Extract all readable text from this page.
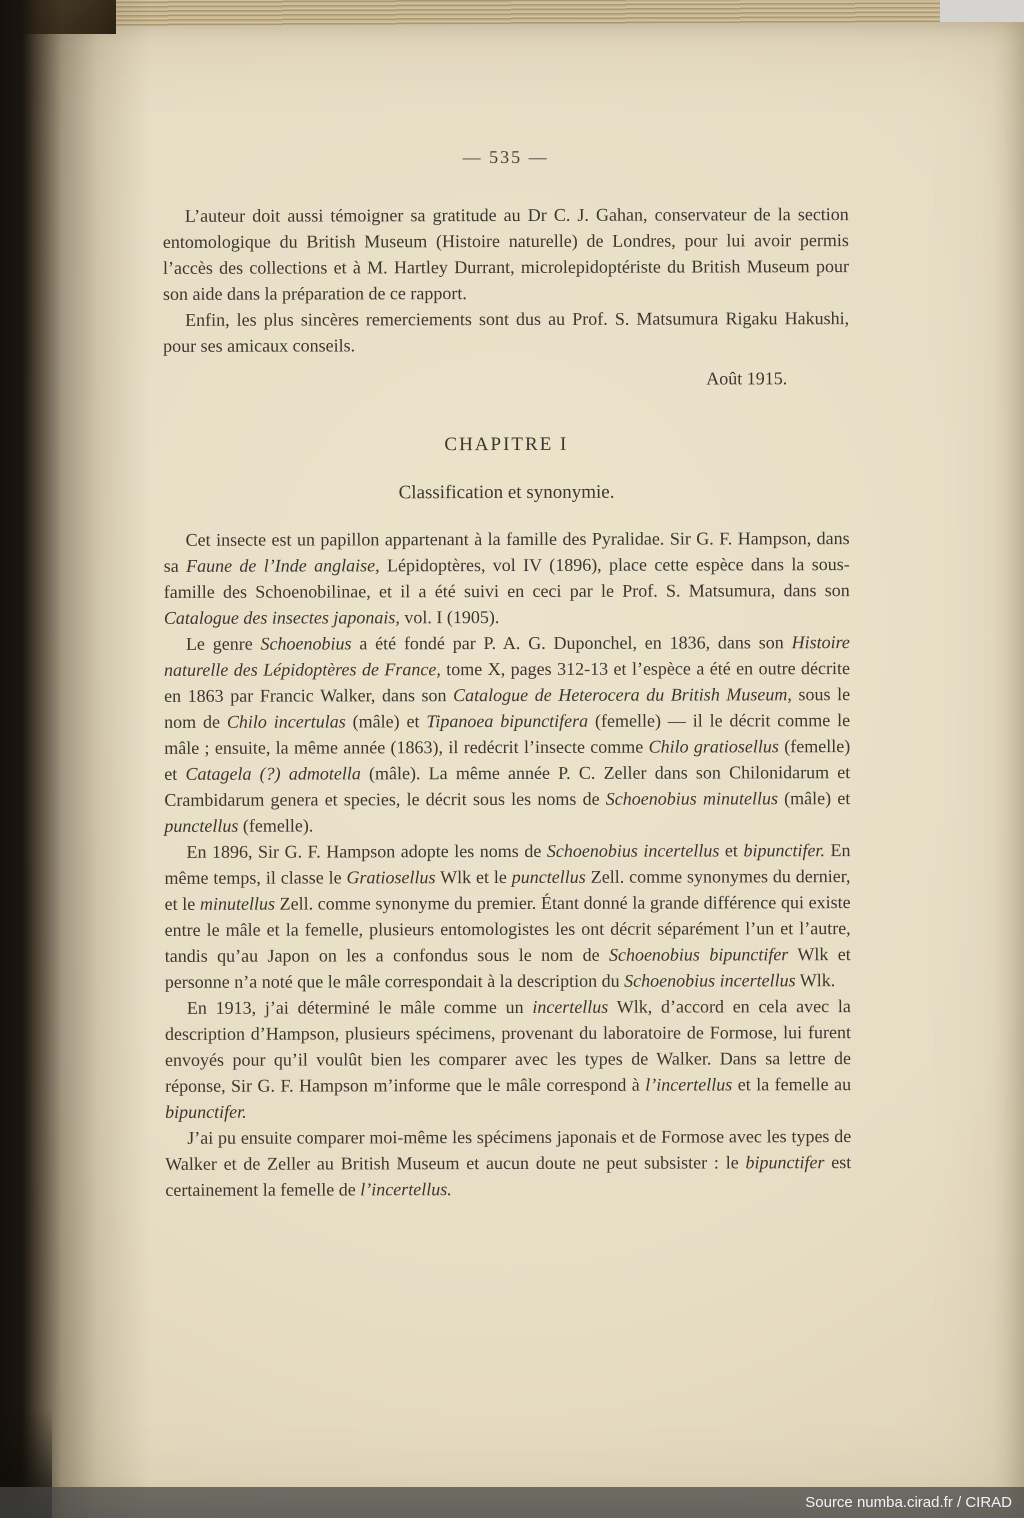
— 535 —

L’auteur doit aussi témoigner sa gratitude au Dr C. J. Gahan, conservateur de la section entomologique du British Museum (Histoire naturelle) de Londres, pour lui avoir permis l’accès des collections et à M. Hartley Durrant, microlepidoptériste du British Museum pour son aide dans la préparation de ce rapport.

Enfin, les plus sincères remerciements sont dus au Prof. S. Matsumura Rigaku Hakushi, pour ses amicaux conseils.

Août 1915.

CHAPITRE I
Classification et synonymie.

Cet insecte est un papillon appartenant à la famille des Pyralidae. Sir G. F. Hampson, dans sa Faune de l’Inde anglaise, Lépidoptères, vol IV (1896), place cette espèce dans la sous-famille des Schoenobilinae, et il a été suivi en ceci par le Prof. S. Matsumura, dans son Catalogue des insectes japonais, vol. I (1905).

Le genre Schoenobius a été fondé par P. A. G. Duponchel, en 1836, dans son Histoire naturelle des Lépidoptères de France, tome X, pages 312-13 et l’espèce a été en outre décrite en 1863 par Francic Walker, dans son Catalogue de Heterocera du British Museum, sous le nom de Chilo incertulas (mâle) et Tipanoea bipunctifera (femelle) — il le décrit comme le mâle ; ensuite, la même année (1863), il redécrit l’insecte comme Chilo gratiosellus (femelle) et Catagela (?) admotella (mâle). La même année P. C. Zeller dans son Chilonidarum et Crambidarum genera et species, le décrit sous les noms de Schoenobius minutellus (mâle) et punctellus (femelle).

En 1896, Sir G. F. Hampson adopte les noms de Schoenobius incertellus et bipunctifer. En même temps, il classe le Gratiosellus Wlk et le punctellus Zell. comme synonymes du dernier, et le minutellus Zell. comme synonyme du premier. Étant donné la grande différence qui existe entre le mâle et la femelle, plusieurs entomologistes les ont décrit séparément l’un et l’autre, tandis qu’au Japon on les a confondus sous le nom de Schoenobius bipunctifer Wlk et personne n’a noté que le mâle correspondait à la description du Schoenobius incertellus Wlk.

En 1913, j’ai déterminé le mâle comme un incertellus Wlk, d’accord en cela avec la description d’Hampson, plusieurs spécimens, provenant du laboratoire de Formose, lui furent envoyés pour qu’il voulût bien les comparer avec les types de Walker. Dans sa lettre de réponse, Sir G. F. Hampson m’informe que le mâle correspond à l’incertellus et la femelle au bipunctifer.

J’ai pu ensuite comparer moi-même les spécimens japonais et de Formose avec les types de Walker et de Zeller au British Museum et aucun doute ne peut subsister : le bipunctifer est certainement la femelle de l’incertellus.

Source numba.cirad.fr / CIRAD
